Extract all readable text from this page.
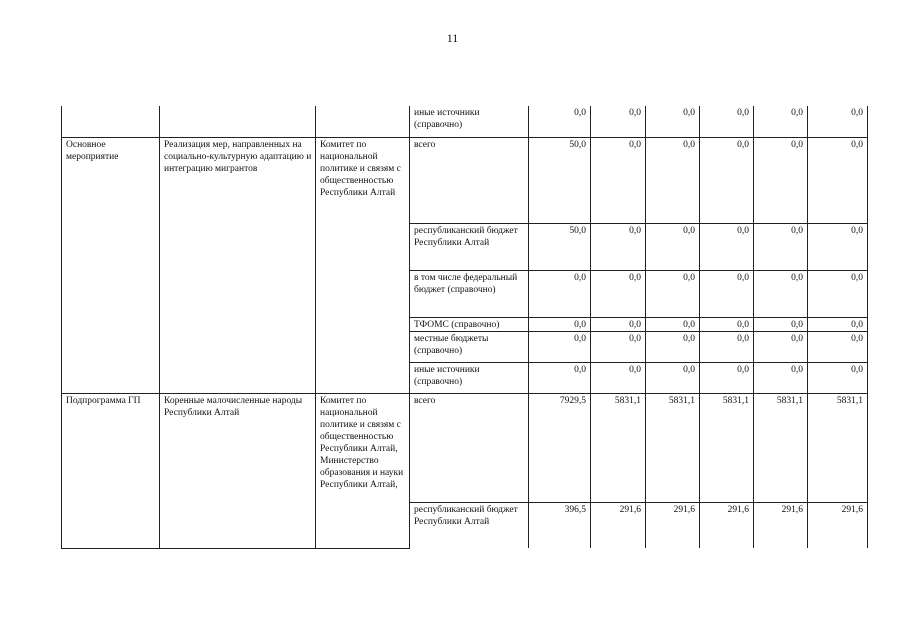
11
			иные источники (справочно)	0,0	0,0	0,0	0,0	0,0	0,0
Основное мероприятие	Реализация мер, направленных на социально-культурную адаптацию и интеграцию мигрантов	Комитет по национальной политике и связям с общественностью Республики Алтай	всего	50,0	0,0	0,0	0,0	0,0	0,0
			республиканский бюджет Республики Алтай	50,0	0,0	0,0	0,0	0,0	0,0
			в том числе федеральный бюджет (справочно)	0,0	0,0	0,0	0,0	0,0	0,0
			ТФОМС (справочно)	0,0	0,0	0,0	0,0	0,0	0,0
			местные бюджеты (справочно)	0,0	0,0	0,0	0,0	0,0	0,0
			иные источники (справочно)	0,0	0,0	0,0	0,0	0,0	0,0
Подпрограмма ГП	Коренные малочисленные народы Республики Алтай	Комитет по национальной политике и связям с общественностью Республики Алтай, Министерство образования и науки Республики Алтай,	всего	7929,5	5831,1	5831,1	5831,1	5831,1	5831,1
			республиканский бюджет Республики Алтай	396,5	291,6	291,6	291,6	291,6	291,6
